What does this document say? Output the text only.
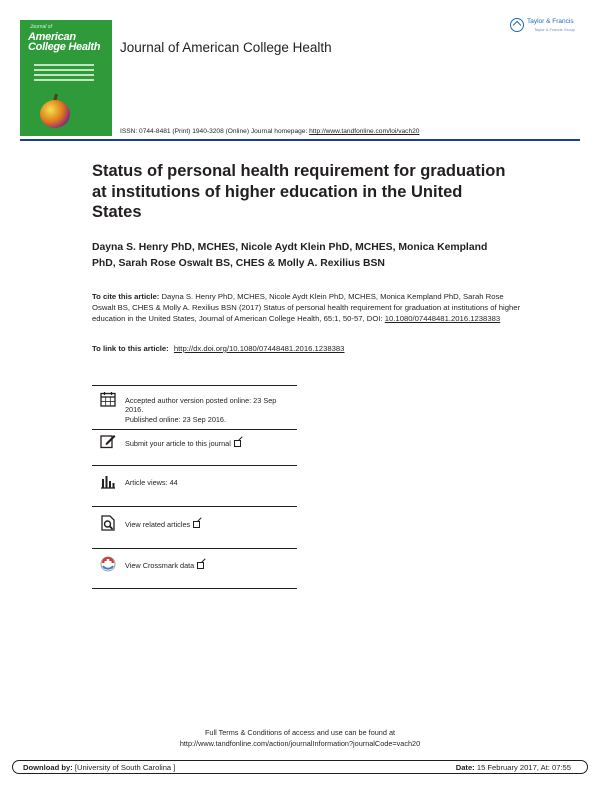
Journal of
American College Health	Journal of American College Health
Taylor & Francis
Taylor & Francis Group
ISSN: 0744-8481 (Print) 1940-3208 (Online) Journal homepage: http://www.tandfonline.com/loi/vach20
Status of personal health requirement for graduation at institutions of higher education in the United States
Dayna S. Henry PhD, MCHES, Nicole Aydt Klein PhD, MCHES, Monica Kempland PhD, Sarah Rose Oswalt BS, CHES & Molly A. Rexilius BSN
To cite this article: Dayna S. Henry PhD, MCHES, Nicole Aydt Klein PhD, MCHES, Monica Kempland PhD, Sarah Rose Oswalt BS, CHES & Molly A. Rexilius BSN (2017) Status of personal health requirement for graduation at institutions of higher education in the United States, Journal of American College Health, 65:1, 50-57, DOI: 10.1080/07448481.2016.1238383
To link to this article: http://dx.doi.org/10.1080/07448481.2016.1238383
Accepted author version posted online: 23 Sep 2016.
Published online: 23 Sep 2016.
Submit your article to this journal
Article views: 44
View related articles
View Crossmark data
Full Terms & Conditions of access and use can be found at
http://www.tandfonline.com/action/journalInformation?journalCode=vach20
Download by: [University of South Carolina ]	Date: 15 February 2017, At: 07:55
